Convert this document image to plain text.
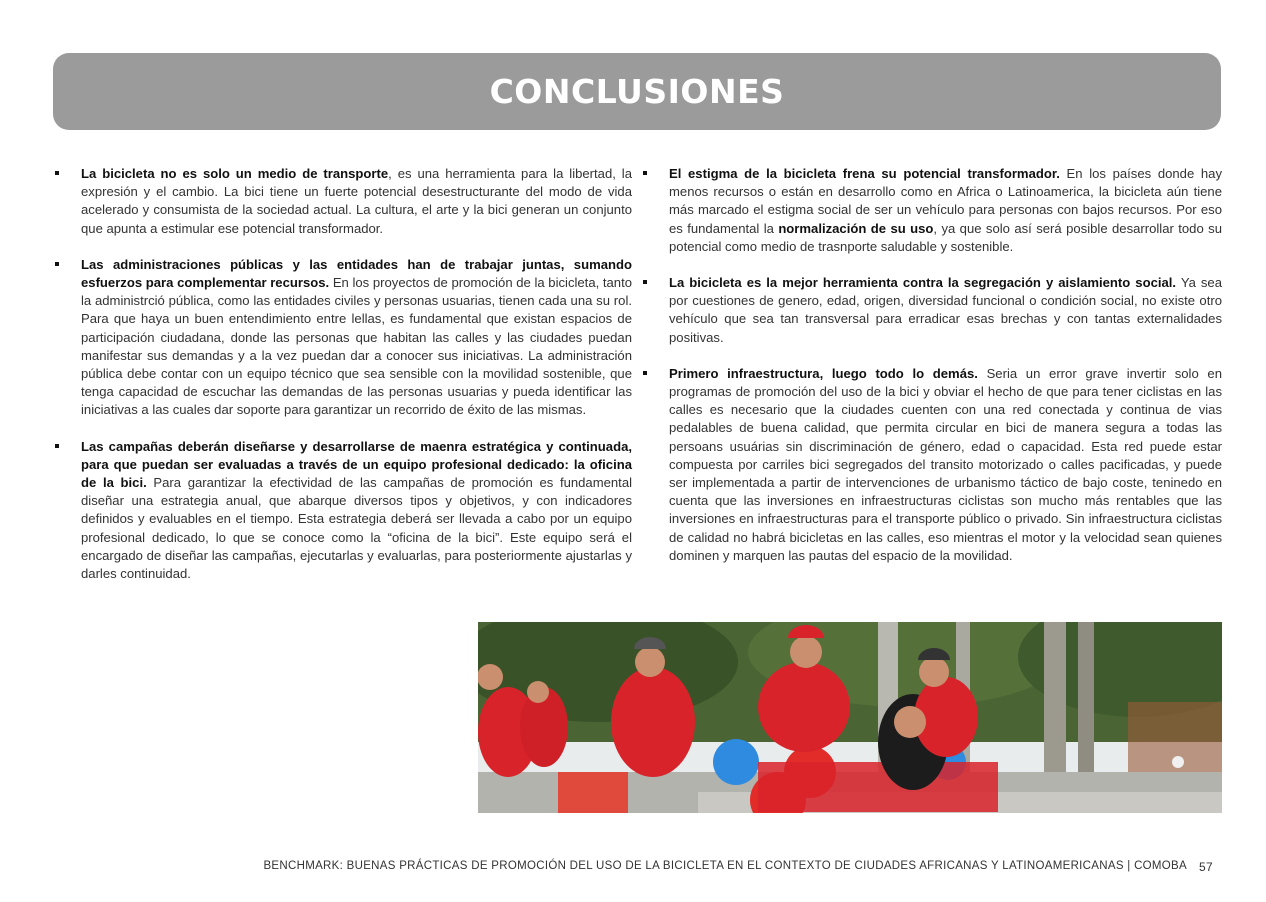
CONCLUSIONES

La bicicleta no es solo un medio de transporte, es una herramienta para la libertad, la expresión y el cambio. La bici tiene un fuerte potencial desestructurante del modo de vida acelerado y consumista de la sociedad actual. La cultura, el arte y la bici generan un conjunto que apunta a estimular ese potencial transformador.

Las administraciones públicas y las entidades han de trabajar juntas, sumando esfuerzos para complementar recursos. En los proyectos de promoción de la bicicleta, tanto la administrció pública, como las entidades civiles y personas usuarias, tienen cada una su rol. Para que haya un buen entendimiento entre lellas, es fundamental que existan espacios de participación ciudadana, donde las personas que habitan las calles y las ciudades puedan manifestar sus demandas y a la vez puedan dar a conocer sus iniciativas. La administración pública debe contar con un equipo técnico que sea sensible con la movilidad sostenible, que tenga capacidad de escuchar las demandas de las personas usuarias y pueda identificar las iniciativas a las cuales dar soporte para garantizar un recorrido de éxito de las mismas.

Las campañas deberán diseñarse y desarrollarse de maenra estratégica y continuada, para que puedan ser evaluadas a través de un equipo profesional dedicado: la oficina de la bici. Para garantizar la efectividad de las campañas de promoción es fundamental diseñar una estrategia anual, que abarque diversos tipos y objetivos, y con indicadores definidos y evaluables en el tiempo. Esta estrategia deberá ser llevada a cabo por un equipo profesional dedicado, lo que se conoce como la “oficina de la bici”. Este equipo será el encargado de diseñar las campañas, ejecutarlas y evaluarlas, para posteriormente ajustarlas y darles continuidad.

El estigma de la bicicleta frena su potencial transformador. En los países donde hay menos recursos o están en desarrollo como en Africa o Latinoamerica, la bicicleta aún tiene más marcado el estigma social de ser un vehículo para personas con bajos recursos. Por eso es fundamental la normalización de su uso, ya que solo así será posible desarrollar todo su potencial como medio de trasnporte saludable y sostenible.

La bicicleta es la mejor herramienta contra la segregación y aislamiento social. Ya sea por cuestiones de genero, edad, origen, diversidad funcional o condición social, no existe otro vehículo que sea tan transversal para erradicar esas brechas y con tantas externalidades positivas.

Primero infraestructura, luego todo lo demás. Seria un error grave invertir solo en programas de promoción del uso de la bici y obviar el hecho de que para tener ciclistas en las calles es necesario que la ciudades cuenten con una red conectada y continua de vias pedalables de buena calidad, que permita circular en bici de manera segura a todas las persoans usuárias sin discriminación de género, edad o capacidad. Esta red puede estar compuesta por carriles bici segregados del transito motorizado o calles pacificadas, y puede ser implementada a partir de intervenciones de urbanismo táctico de bajo coste, teninedo en cuenta que las inversiones en infraestructuras ciclistas son mucho más rentables que las inversiones en infraestructuras para el transporte público o privado. Sin infraestructura ciclistas de calidad no habrá bicicletas en las calles, eso mientras el motor y la velocidad sean quienes dominen y marquen las pautas del espacio de la movilidad.

BENCHMARK: BUENAS PRÁCTICAS DE PROMOCIÓN DEL USO DE LA BICICLETA EN EL CONTEXTO DE CIUDADES AFRICANAS Y LATINOAMERICANAS | COMOBA 57
